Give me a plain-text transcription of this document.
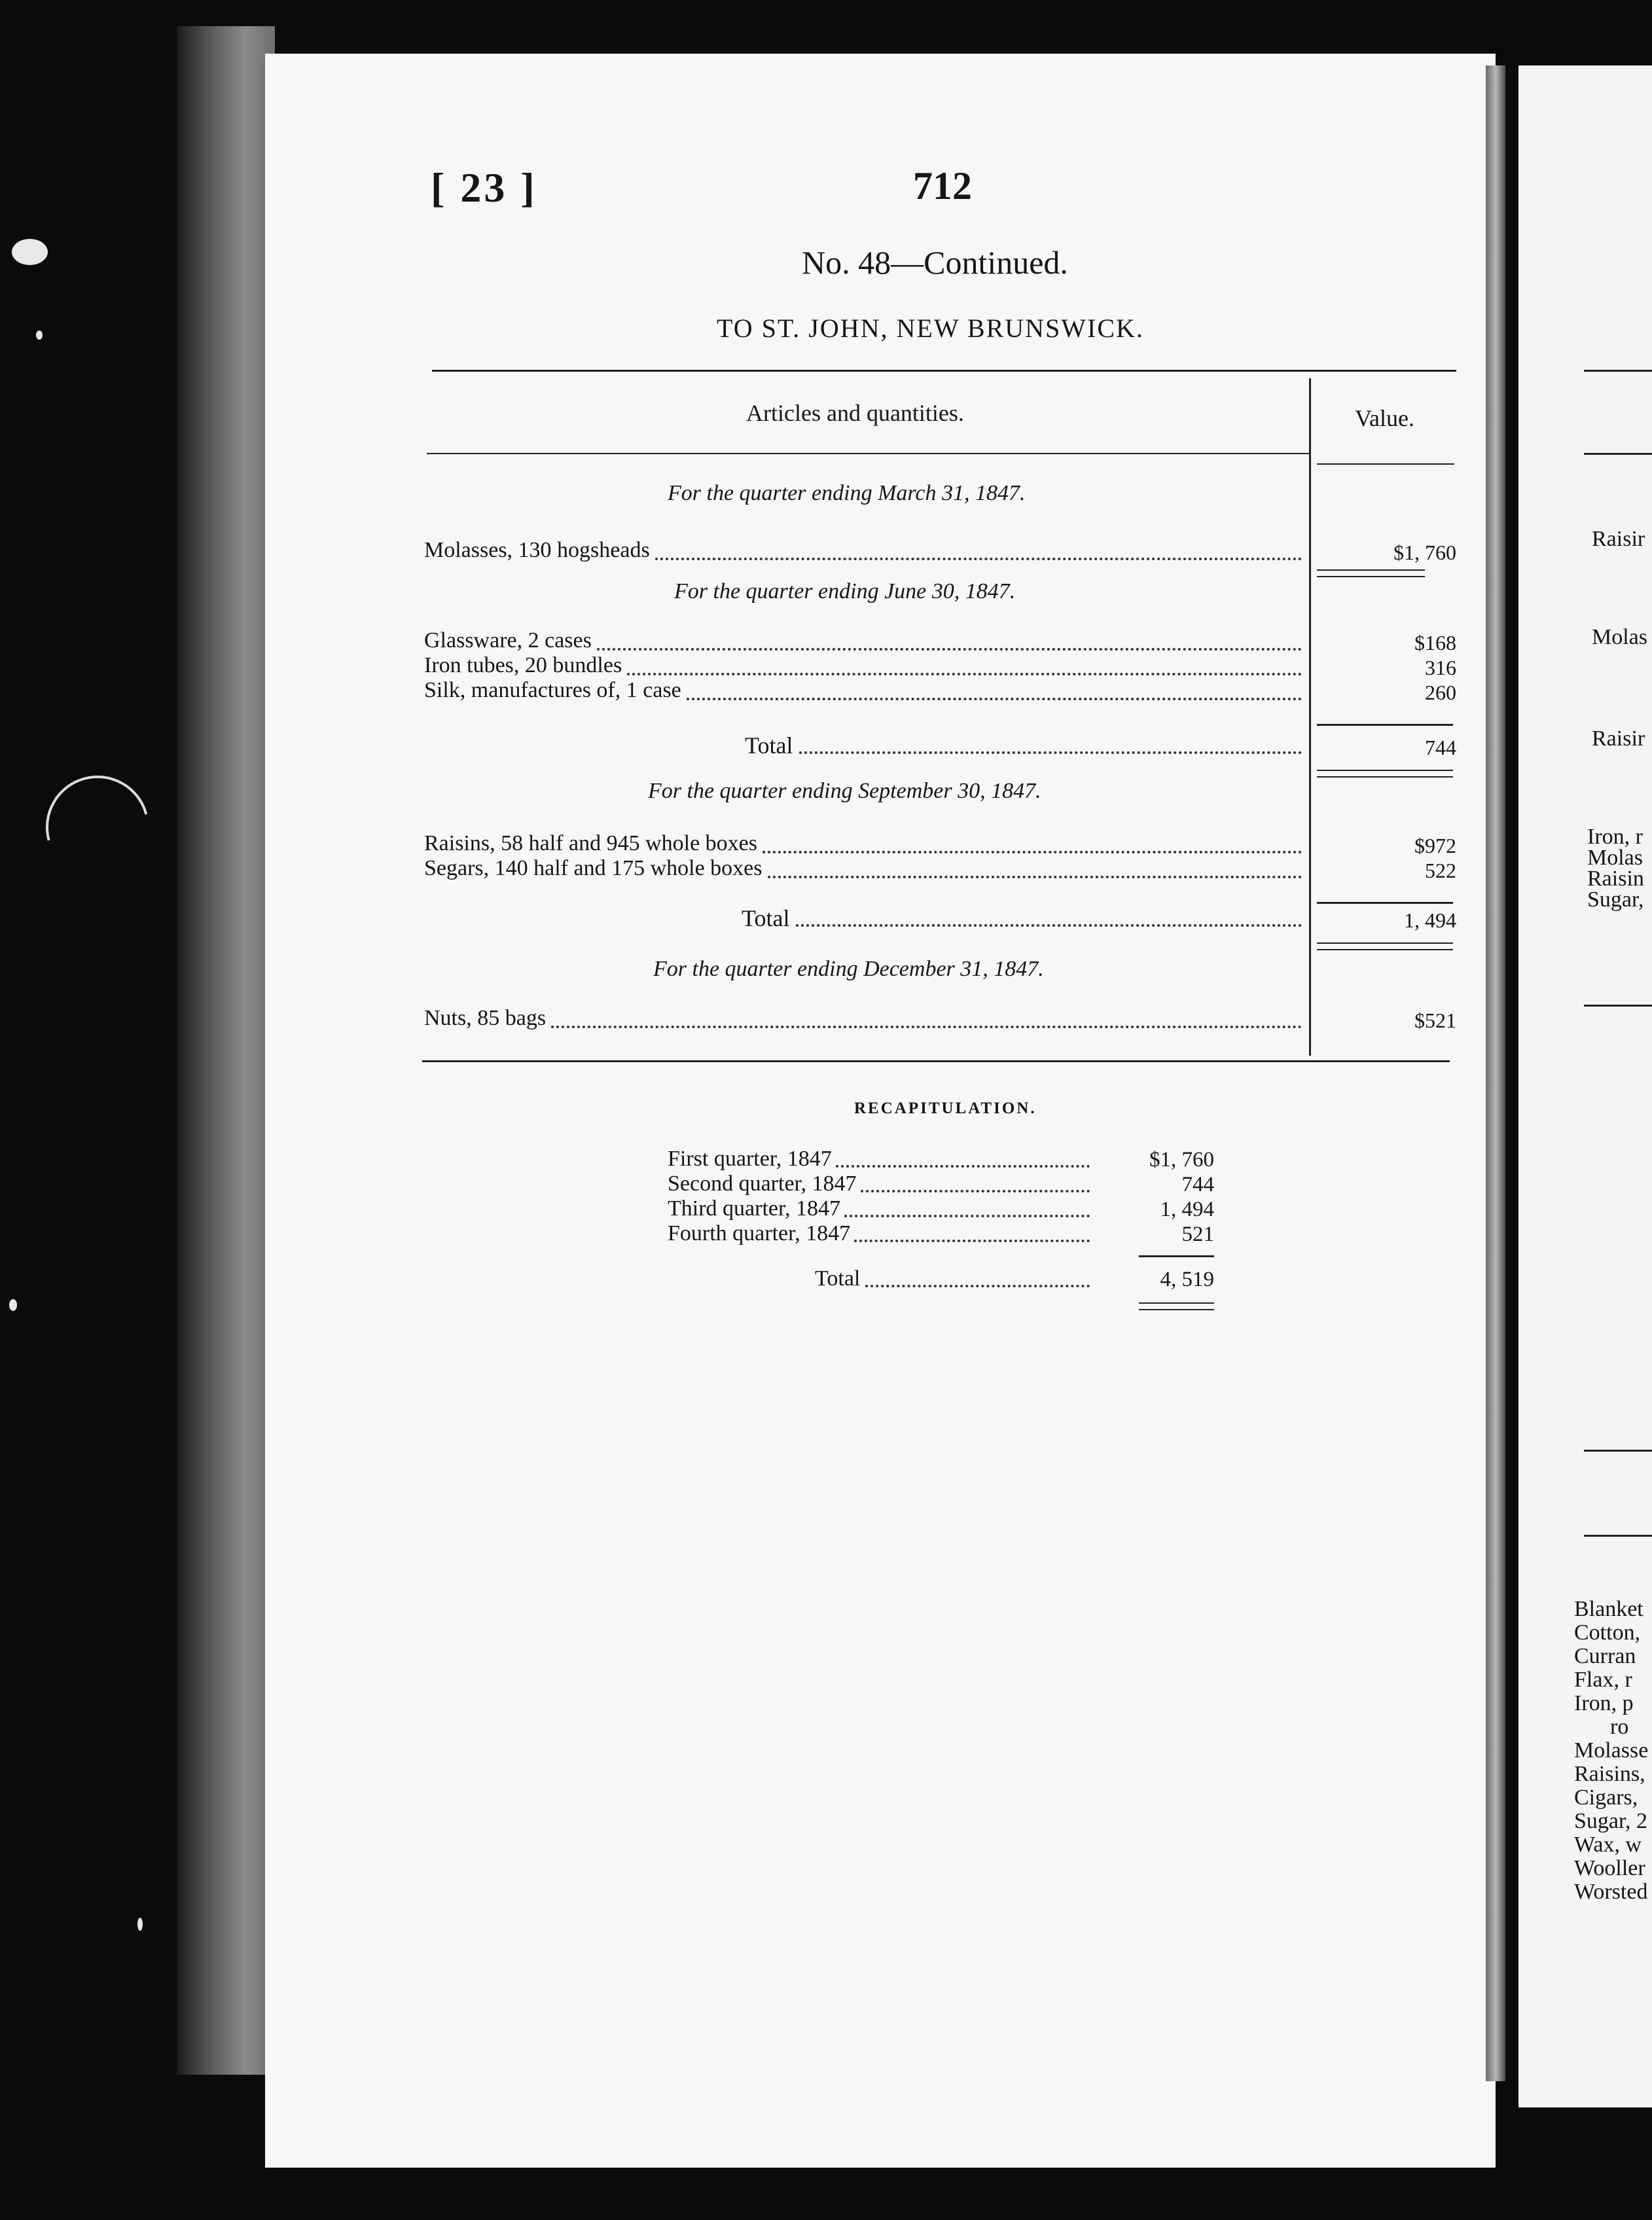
Raisir
Molas
Raisir
Iron, r
Molas
Raisin
Sugar,
Blanket
Cotton,
Curran
Flax, r
Iron, p
ro
Molasse
Raisins,
Cigars,
Sugar, 2
Wax, w
Wooller
Worsted
[ 23 ]	712
No. 48—Continued.
TO ST. JOHN, NEW BRUNSWICK.
Articles and quantities.	Value.
For the quarter ending March 31, 1847.
Molasses, 130 hogsheads	$1, 760
For the quarter ending June 30, 1847.
Glassware, 2 cases	$168
Iron tubes, 20 bundles	316
Silk, manufactures of, 1 case	260
Total	744
For the quarter ending September 30, 1847.
Raisins, 58 half and 945 whole boxes	$972
Segars, 140 half and 175 whole boxes	522
Total	1, 494
For the quarter ending December 31, 1847.
Nuts, 85 bags	$521
RECAPITULATION.
First quarter, 1847	$1, 760
Second quarter, 1847	744
Third quarter, 1847	1, 494
Fourth quarter, 1847	521
Total	4, 519
